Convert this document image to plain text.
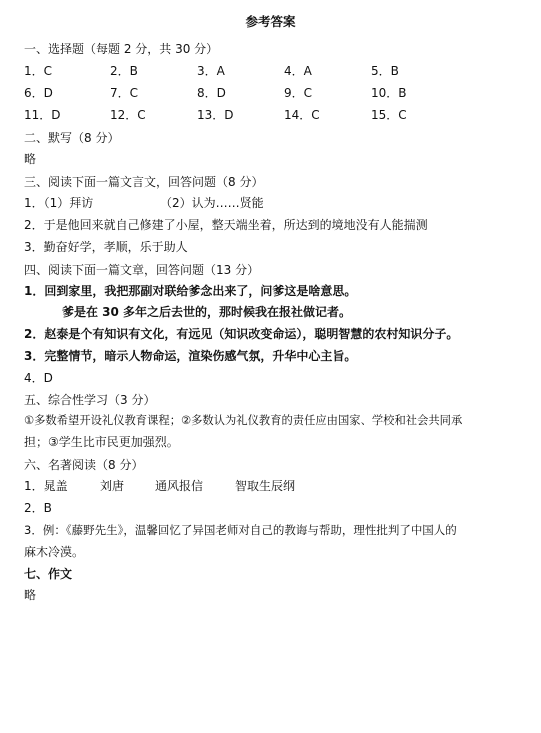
参考答案
一、选择题（每题 2 分，共 30 分）
1．C	2．B	3．A	4．A	5．B
6．D	7．C	8．D	9．C	10．B
11．D	12．C	13．D	14．C	15．C
二、默写（8 分）
略
三、阅读下面一篇文言文，回答问题（8 分）
1．（1）拜访	（2）认为……贤能
2．于是他回来就自己修建了小屋，整天端坐着，所达到的境地没有人能揣测
3．勤奋好学，孝顺，乐于助人
四、阅读下面一篇文章，回答问题（13 分）
1．回到家里，我把那副对联给爹念出来了，问爹这是啥意思。
爹是在 30 多年之后去世的，那时候我在报社做记者。
2．赵泰是个有知识有文化，有远见（知识改变命运），聪明智慧的农村知识分子。
3．完整情节，暗示人物命运，渲染伤感气氛，升华中心主旨。
4．D
五、综合性学习（3 分）
①多数希望开设礼仪教育课程；②多数认为礼仪教育的责任应由国家、学校和社会共同承
担；③学生比市民更加强烈。
六、名著阅读（8 分）
1．晁盖	刘唐	通风报信	智取生辰纲
2．B
3．例：《藤野先生》，温馨回忆了异国老师对自己的教诲与帮助，理性批判了中国人的
麻木冷漠。
七、作文
略
